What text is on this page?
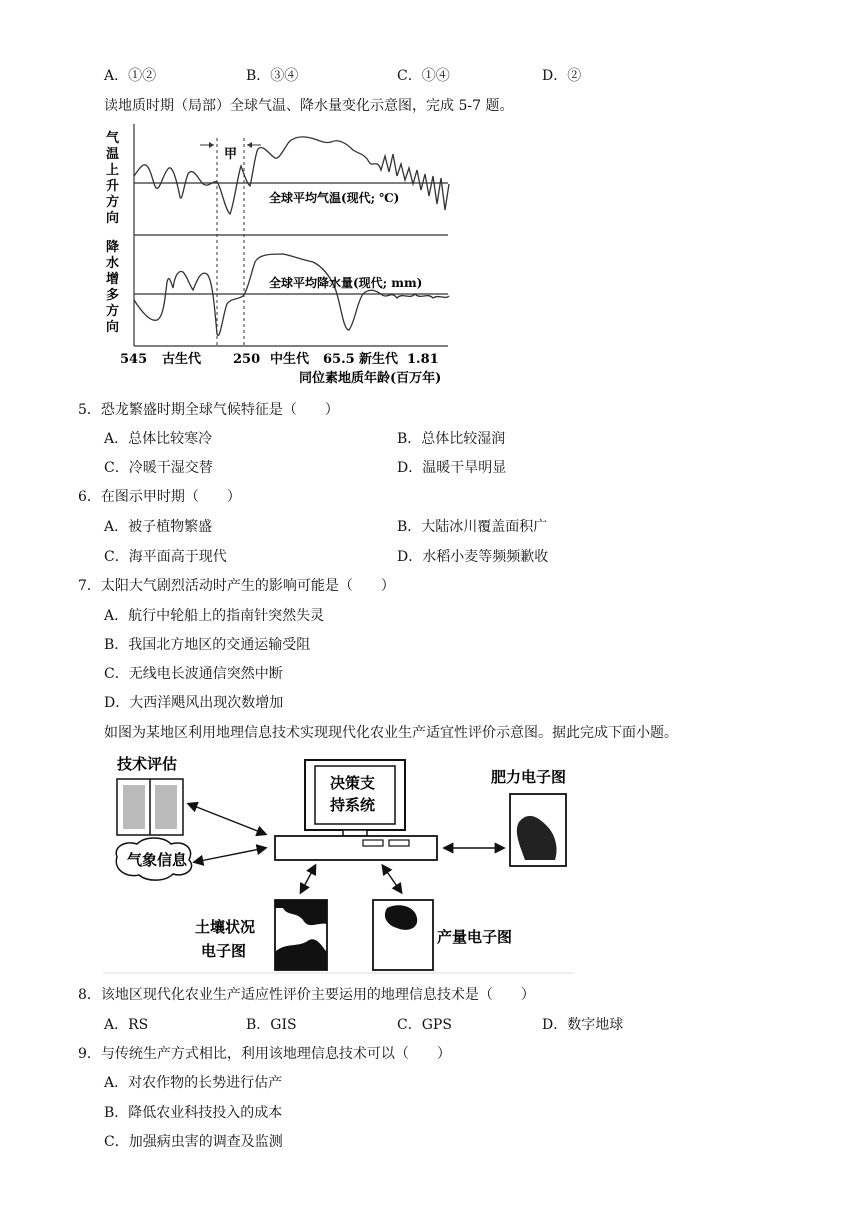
A．①②	B．③④	C．①④	D．②
读地质时期（局部）全球气温、降水量变化示意图，完成 5-7 题。
气
温
上
升
方
向
降
水
增
多
方
向
甲
全球平均气温(现代; ℃)
全球平均降水量(现代; mm)
545 古生代 250 中生代 65.5 新生代 1.81
同位素地质年龄(百万年)
5．恐龙繁盛时期全球气候特征是（　　）
A．总体比较寒冷	B．总体比较湿润
C．冷暖干湿交替	D．温暖干旱明显
6．在图示甲时期（　　）
A．被子植物繁盛	B．大陆冰川覆盖面积广
C．海平面高于现代	D．水稻小麦等频频歉收
7．太阳大气剧烈活动时产生的影响可能是（　　）
A．航行中轮船上的指南针突然失灵
B．我国北方地区的交通运输受阻
C．无线电长波通信突然中断
D．大西洋飓风出现次数增加
如图为某地区利用地理信息技术实现现代化农业生产适宜性评价示意图。据此完成下面小题。
技术评估
气象信息
决策支
持系统
肥力电子图
土壤状况
电子图
产量电子图
8．该地区现代化农业生产适应性评价主要运用的地理信息技术是（　　）
A．RS	B．GIS	C．GPS	D．数字地球
9．与传统生产方式相比，利用该地理信息技术可以（　　）
A．对农作物的长势进行估产
B．降低农业科技投入的成本
C．加强病虫害的调查及监测
